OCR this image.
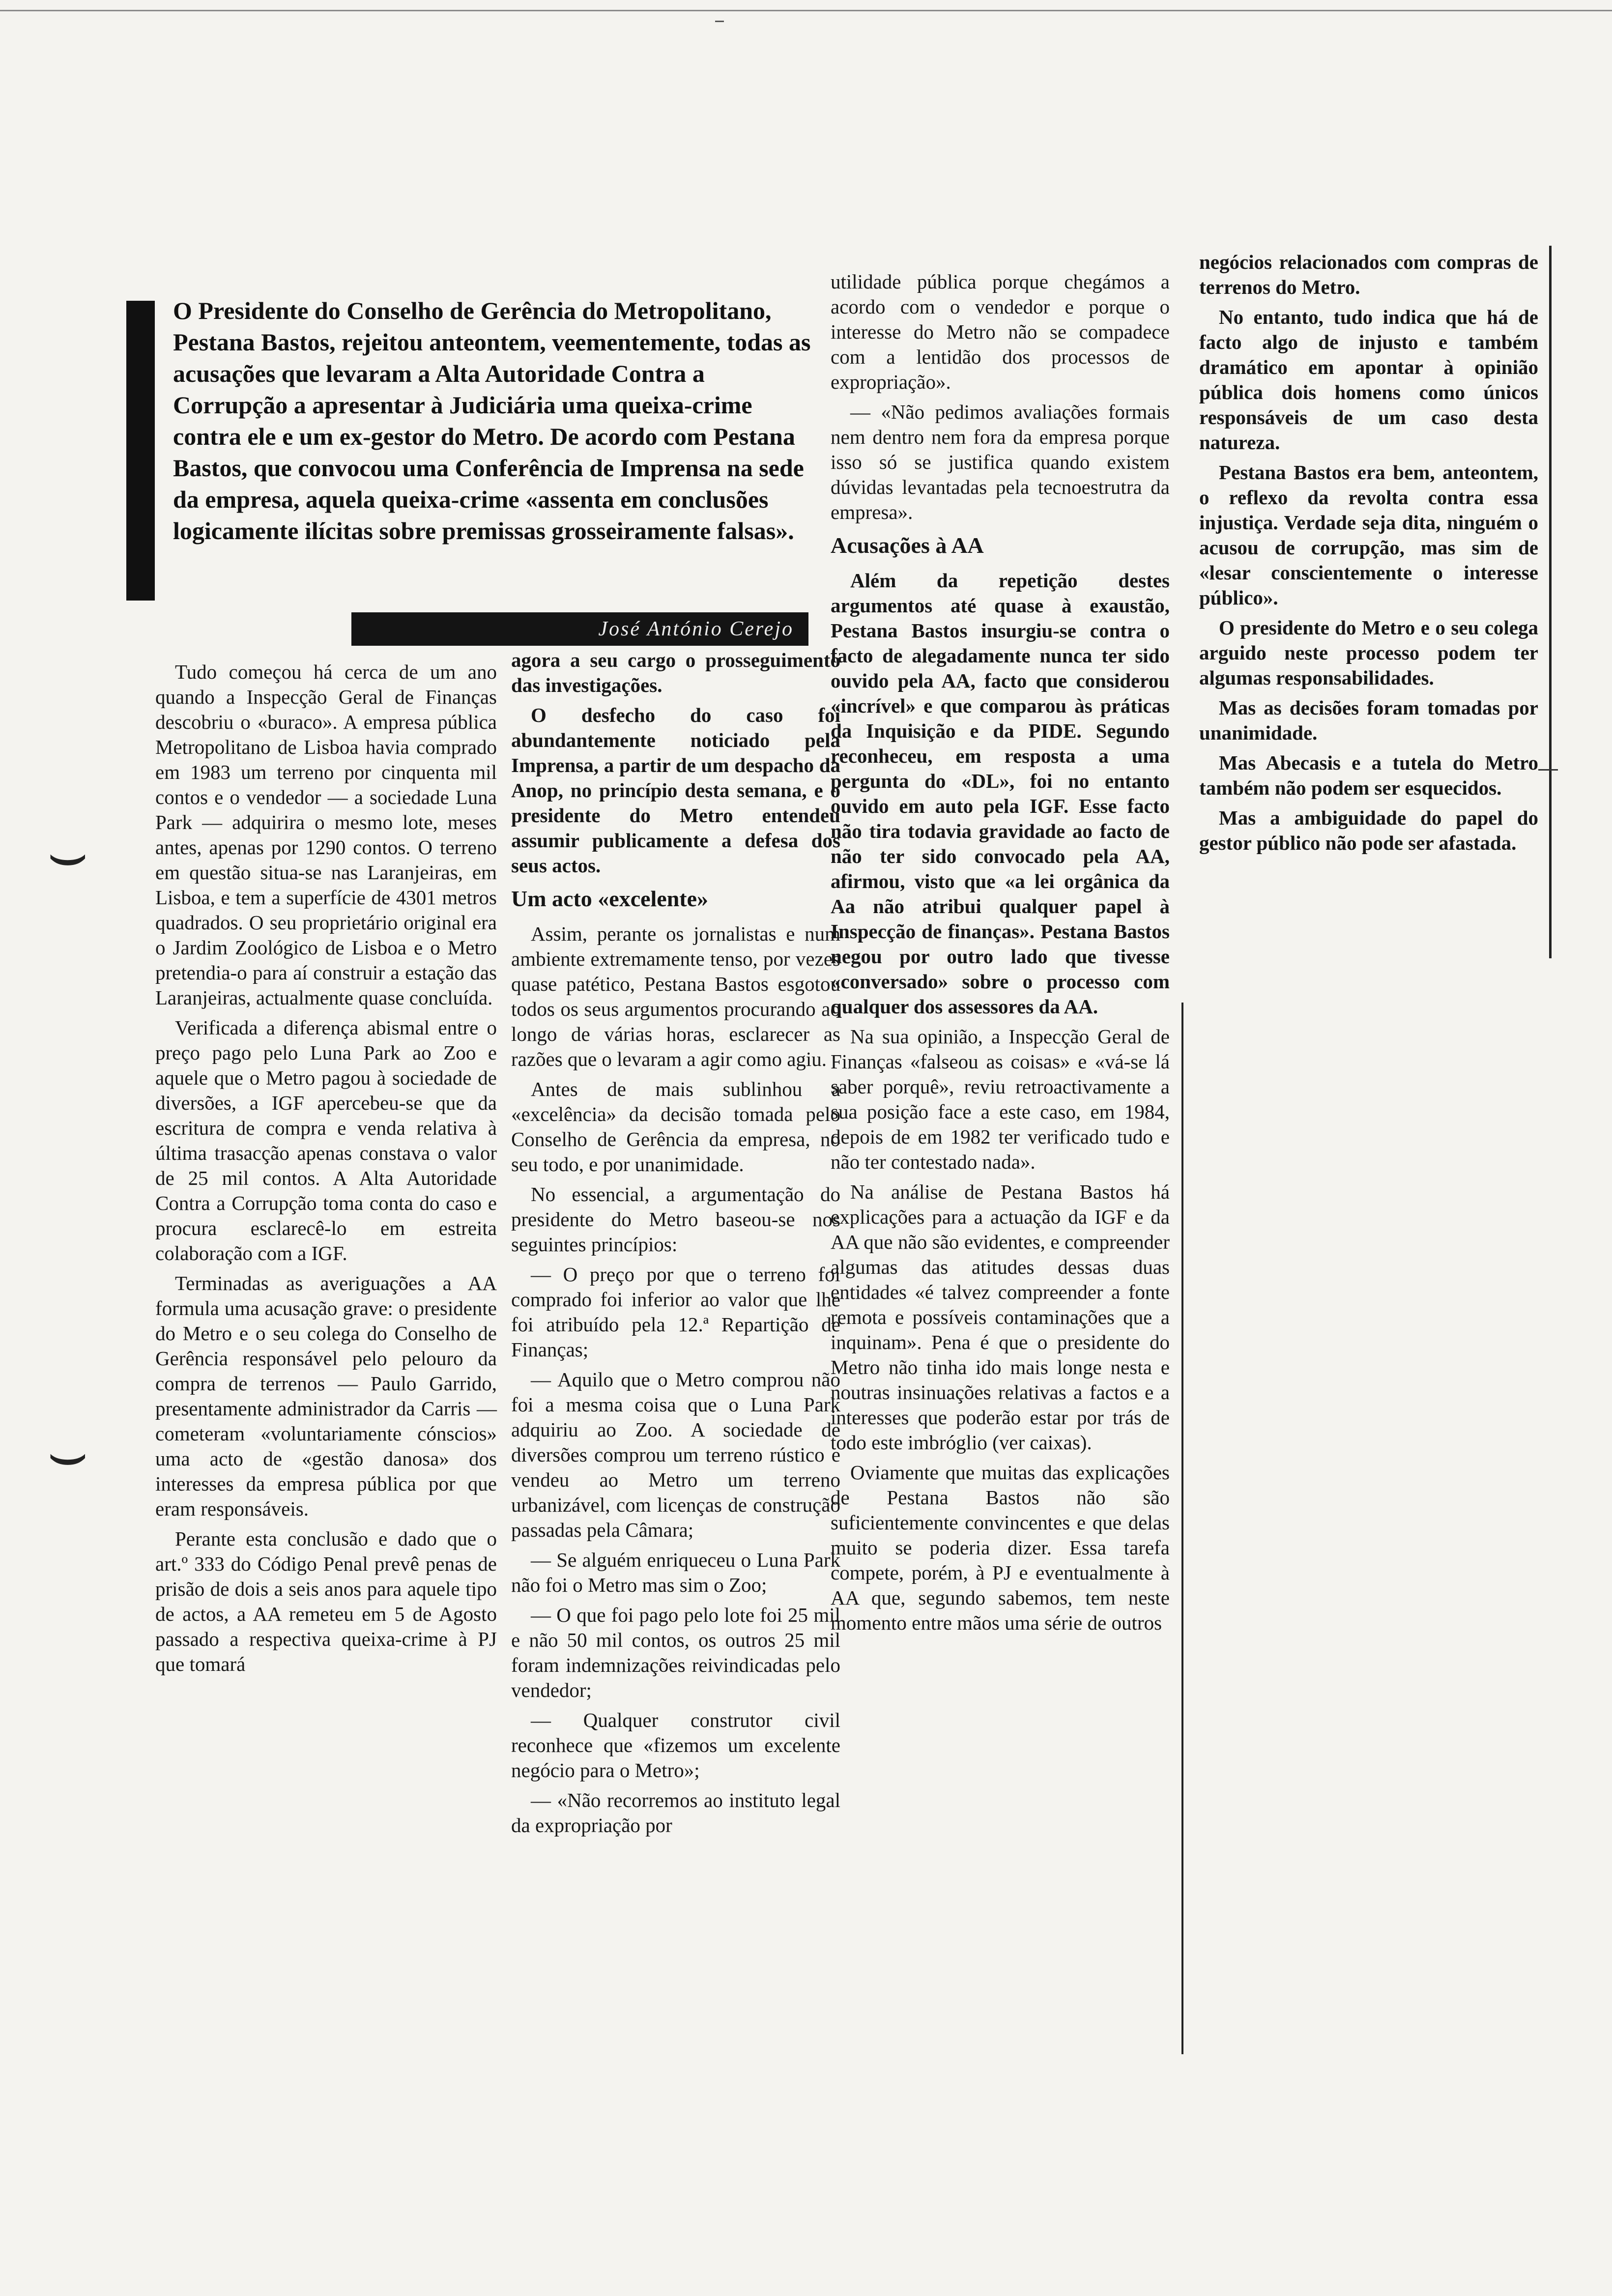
O Presidente do Conselho de Gerência do Metropolitano, Pestana Bastos, rejeitou anteontem, veementemente, todas as acusações que levaram a Alta Autoridade Contra a Corrupção a apresentar à Judiciária uma queixa-crime contra ele e um ex-gestor do Metro. De acordo com Pestana Bastos, que convocou uma Conferência de Imprensa na sede da empresa, aquela queixa-crime «assenta em conclusões logicamente ilícitas sobre premissas grosseiramente falsas».
José António Cerejo

Tudo começou há cerca de um ano quando a Inspecção Geral de Finanças descobriu o «buraco». A empresa pública Metropolitano de Lisboa havia comprado em 1983 um terreno por cinquenta mil contos e o vendedor — a sociedade Luna Park — adquirira o mesmo lote, meses antes, apenas por 1290 contos. O terreno em questão situa-se nas Laranjeiras, em Lisboa, e tem a superfície de 4301 metros quadrados. O seu proprietário original era o Jardim Zoológico de Lisboa e o Metro pretendia-o para aí construir a estação das Laranjeiras, actualmente quase concluída.

Verificada a diferença abismal entre o preço pago pelo Luna Park ao Zoo e aquele que o Metro pagou à sociedade de diversões, a IGF apercebeu-se que da escritura de compra e venda relativa à última trasacção apenas constava o valor de 25 mil contos. A Alta Autoridade Contra a Corrupção toma conta do caso e procura esclarecê-lo em estreita colaboração com a IGF.

Terminadas as averiguações a AA formula uma acusação grave: o presidente do Metro e o seu colega do Conselho de Gerência responsável pelo pelouro da compra de terrenos — Paulo Garrido, presentamente administrador da Carris — cometeram «voluntariamente cónscios» uma acto de «gestão danosa» dos interesses da empresa pública por que eram responsáveis.

Perante esta conclusão e dado que o art.º 333 do Código Penal prevê penas de prisão de dois a seis anos para aquele tipo de actos, a AA remeteu em 5 de Agosto passado a respectiva queixa-crime à PJ que tomará

agora a seu cargo o prosseguimento das investigações.

O desfecho do caso foi abundantemente noticiado pela Imprensa, a partir de um despacho da Anop, no princípio desta semana, e o presidente do Metro entendeu assumir publicamente a defesa dos seus actos.

Um acto «excelente»

Assim, perante os jornalistas e num ambiente extremamente tenso, por vezes quase patético, Pestana Bastos esgotou todos os seus argumentos procurando ao longo de várias horas, esclarecer as razões que o levaram a agir como agiu.

Antes de mais sublinhou a «excelência» da decisão tomada pelo Conselho de Gerência da empresa, no seu todo, e por unanimidade.

No essencial, a argumentação do presidente do Metro baseou-se nos seguintes princípios:

— O preço por que o terreno foi comprado foi inferior ao valor que lhe foi atribuído pela 12.ª Repartição de Finanças;

— Aquilo que o Metro comprou não foi a mesma coisa que o Luna Park adquiriu ao Zoo. A sociedade de diversões comprou um terreno rústico e vendeu ao Metro um terreno urbanizável, com licenças de construção passadas pela Câmara;

— Se alguém enriqueceu o Luna Park não foi o Metro mas sim o Zoo;

— O que foi pago pelo lote foi 25 mil e não 50 mil contos, os outros 25 mil foram indemnizações reivindicadas pelo vendedor;

— Qualquer construtor civil reconhece que «fizemos um excelente negócio para o Metro»;

— «Não recorremos ao instituto legal da expropriação por

utilidade pública porque chegámos a acordo com o vendedor e porque o interesse do Metro não se compadece com a lentidão dos processos de expropriação».

— «Não pedimos avaliações formais nem dentro nem fora da empresa porque isso só se justifica quando existem dúvidas levantadas pela tecnoestrutra da empresa».

Acusações à AA

Além da repetição destes argumentos até quase à exaustão, Pestana Bastos insurgiu-se contra o facto de alegadamente nunca ter sido ouvido pela AA, facto que considerou «incrível» e que comparou às práticas da Inquisição e da PIDE. Segundo reconheceu, em resposta a uma pergunta do «DL», foi no entanto ouvido em auto pela IGF. Esse facto não tira todavia gravidade ao facto de não ter sido convocado pela AA, afirmou, visto que «a lei orgânica da Aa não atribui qualquer papel à Inspecção de finanças». Pestana Bastos negou por outro lado que tivesse «conversado» sobre o processo com qualquer dos assessores da AA.

Na sua opinião, a Inspecção Geral de Finanças «falseou as coisas» e «vá-se lá saber porquê», reviu retroactivamente a sua posição face a este caso, em 1984, depois de em 1982 ter verificado tudo e não ter contestado nada».

Na análise de Pestana Bastos há explicações para a actuação da IGF e da AA que não são evidentes, e compreender algumas das atitudes dessas duas entidades «é talvez compreender a fonte remota e possíveis contaminações que a inquinam». Pena é que o presidente do Metro não tinha ido mais longe nesta e noutras insinuações relativas a factos e a interesses que poderão estar por trás de todo este imbróglio (ver caixas).

Oviamente que muitas das explicações de Pestana Bastos não são suficientemente convincentes e que delas muito se poderia dizer. Essa tarefa compete, porém, à PJ e eventualmente à AA que, segundo sabemos, tem neste momento entre mãos uma série de outros

negócios relacionados com compras de terrenos do Metro.

No entanto, tudo indica que há de facto algo de injusto e também dramático em apontar à opinião pública dois homens como únicos responsáveis de um caso desta natureza.

Pestana Bastos era bem, anteontem, o reflexo da revolta contra essa injustiça. Verdade seja dita, ninguém o acusou de corrupção, mas sim de «lesar conscientemente o interesse público».

O presidente do Metro e o seu colega arguido neste processo podem ter algumas responsabilidades.

Mas as decisões foram tomadas por unanimidade.

Mas Abecasis e a tutela do Metro também não podem ser esquecidos.

Mas a ambiguidade do papel do gestor público não pode ser afastada.

⌣
⌣
